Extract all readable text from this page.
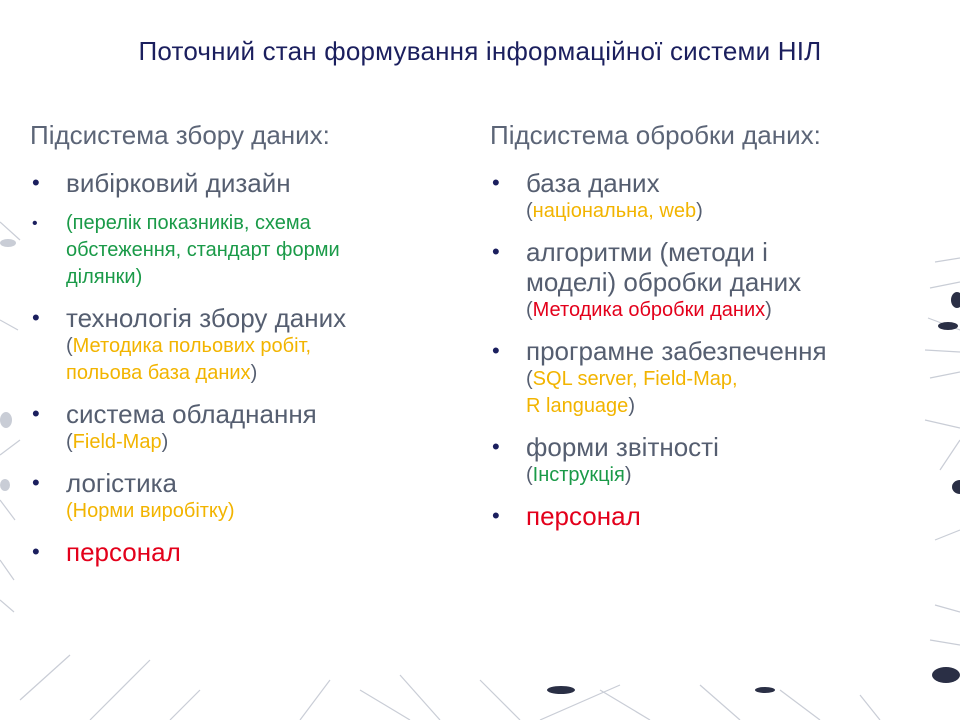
Поточний стан формування інформаційної системи НІЛ
Підсистема збору даних:
• вибірковий дизайн
• (перелік показників, схема
обстеження, стандарт форми
ділянки)
• технологія збору даних
(Методика польових робіт,
польова база даних)
• система обладнання
(Field-Map)
• логістика
(Норми виробітку)
• персонал
Підсистема обробки даних:
• база даних
(національна, web)
• алгоритми (методи і
моделі) обробки даних
(Методика обробки даних)
• програмне забезпечення
(SQL server, Field-Map,
R language)
• форми звітності
(Інструкція)
• персонал
